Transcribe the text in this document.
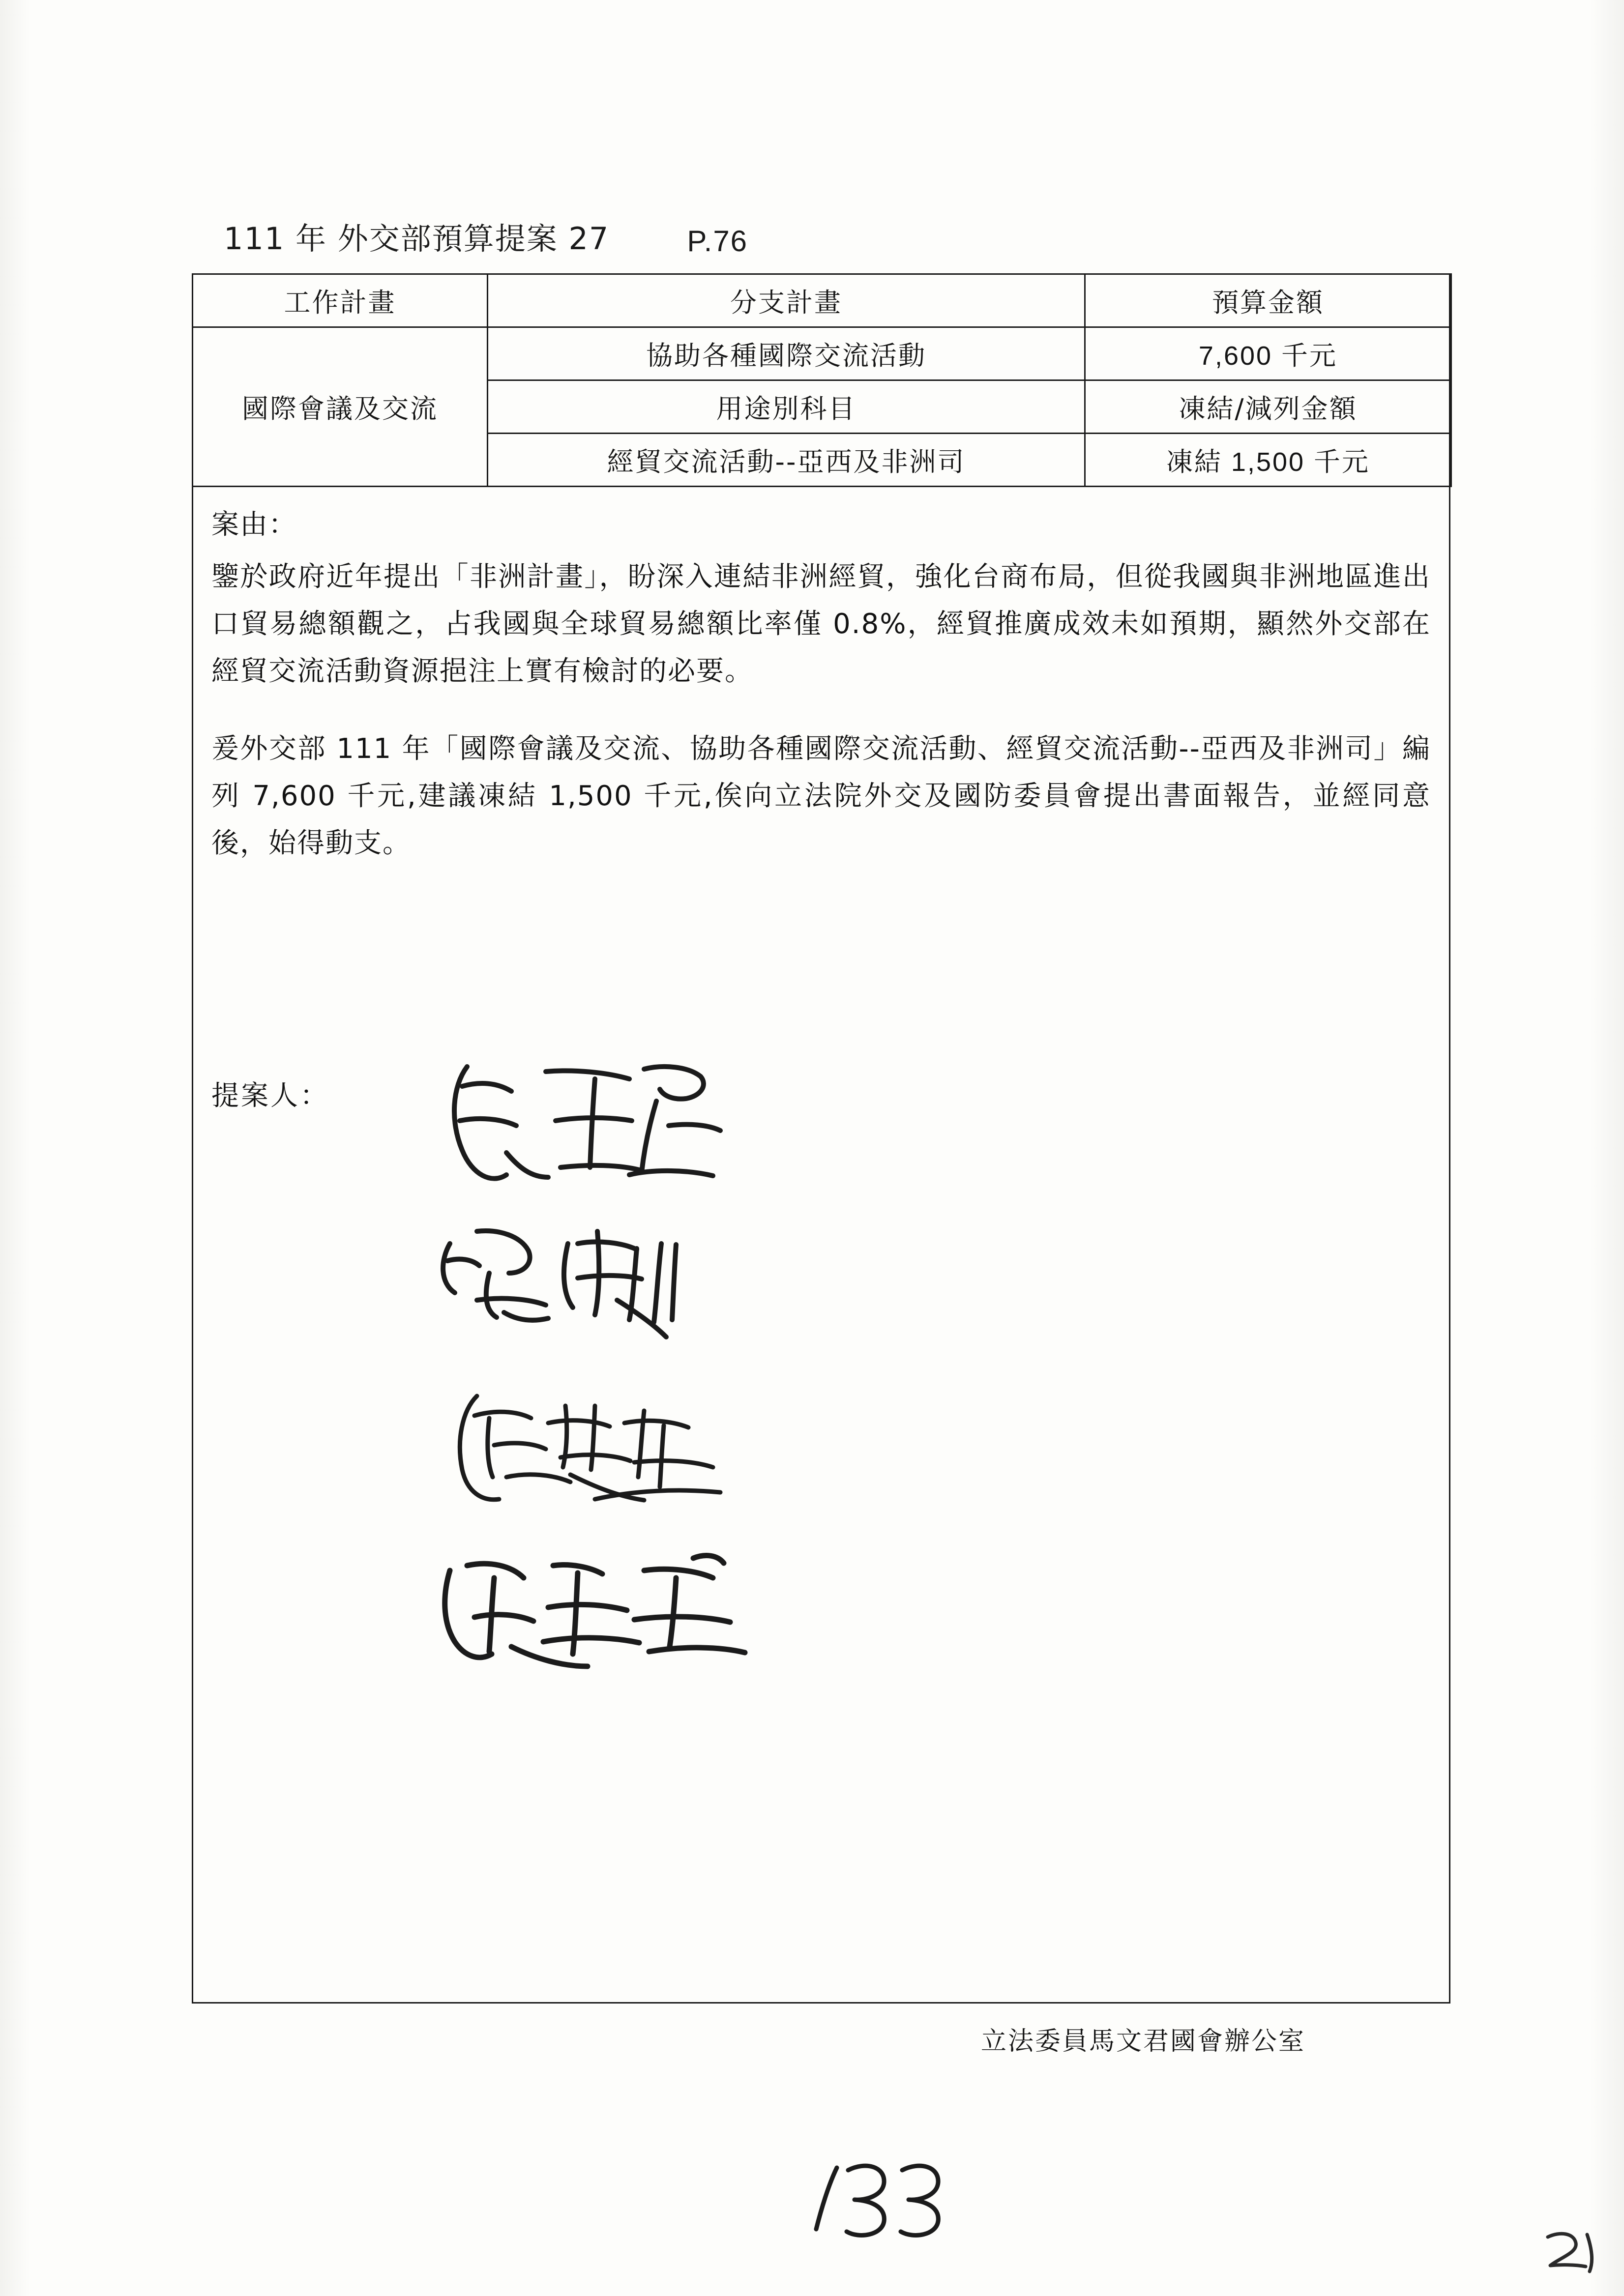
111 年 外交部預算提案 27	P.76
工作計畫	分支計畫	預算金額
國際會議及交流	協助各種國際交流活動	7,600 千元
	用途別科目	凍結/減列金額
	經貿交流活動--亞西及非洲司	凍結 1,500 千元
案由：
鑒於政府近年提出「非洲計畫」，盼深入連結非洲經貿，強化台商布局，但從我國與非洲地區進出口貿易總額觀之，占我國與全球貿易總額比率僅 0.8%，經貿推廣成效未如預期，顯然外交部在經貿交流活動資源挹注上實有檢討的必要。
爰外交部 111 年「國際會議及交流、協助各種國際交流活動、經貿交流活動--亞西及非洲司」編列 7,600 千元,建議凍結 1,500 千元,俟向立法院外交及國防委員會提出書面報告，並經同意後，始得動支。
提案人：
立法委員馬文君國會辦公室
